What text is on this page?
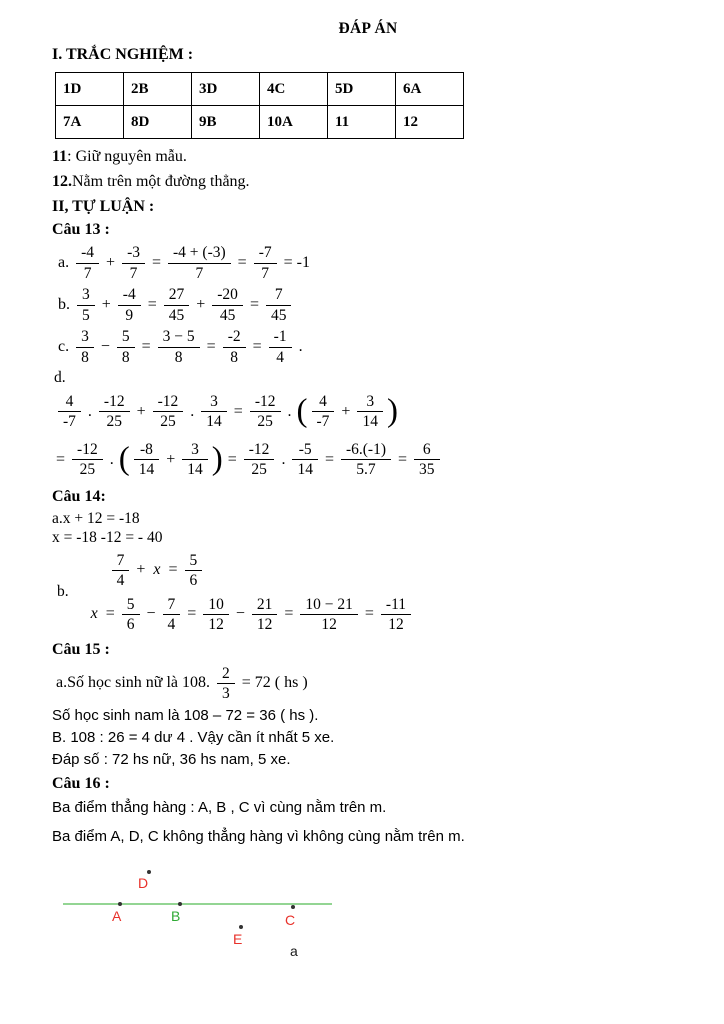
ĐÁP ÁN
I. TRẮC NGHIỆM :
1D	2B	3D	4C	5D	6A
7A	8D	9B	10A	11	12
11: Giữ nguyên mẫu.
12.Nằm trên một đường thẳng.
II, TỰ LUẬN :
Câu 13 :
a. $\frac{-4}{7} + \frac{-3}{7} = \frac{-4 + (-3)}{7} = \frac{-7}{7} = -1$
b. $\frac{3}{5} + \frac{-4}{9} = \frac{27}{45} + \frac{-20}{45} = \frac{7}{45}$
c. $\frac{3}{8} - \frac{5}{8} = \frac{3 - 5}{8} = \frac{-2}{8} = \frac{-1}{4}$ .
d.
$\frac{4}{-7}$ . $\frac{-12}{25} + \frac{-12}{25}$ . $\frac{3}{14} = \frac{-12}{25}$ . ( $\frac{4}{-7} + \frac{3}{14}$ )
= $\frac{-12}{25}$ . ( $\frac{-8}{14} + \frac{3}{14}$ ) = $\frac{-12}{25}$ . $\frac{-5}{14} = \frac{-6.(-1)}{5.7} = \frac{6}{35}$
Câu 14:
a.x + 12 = -18
x = -18 -12 = - 40
b.
$\frac{7}{4} + x = \frac{5}{6}$
$x = \frac{5}{6} - \frac{7}{4} = \frac{10}{12} - \frac{21}{12} = \frac{10 - 21}{12} = \frac{-11}{12}$
Câu 15 :
a.Số học sinh nữ là 108. $\frac{2}{3} = 72$ ( hs )
Số học sinh nam là 108 – 72 = 36 ( hs ).
B. 108 : 26 = 4 dư 4 . Vậy cần ít nhất 5 xe.
Đáp số : 72 hs nữ, 36 hs nam, 5 xe.
Câu 16 :
Ba điểm thẳng hàng : A, B , C vì cùng nằm trên m.
Ba điểm A, D, C không thẳng hàng vì không cùng nằm trên m.
D
A	B	C
E
a
